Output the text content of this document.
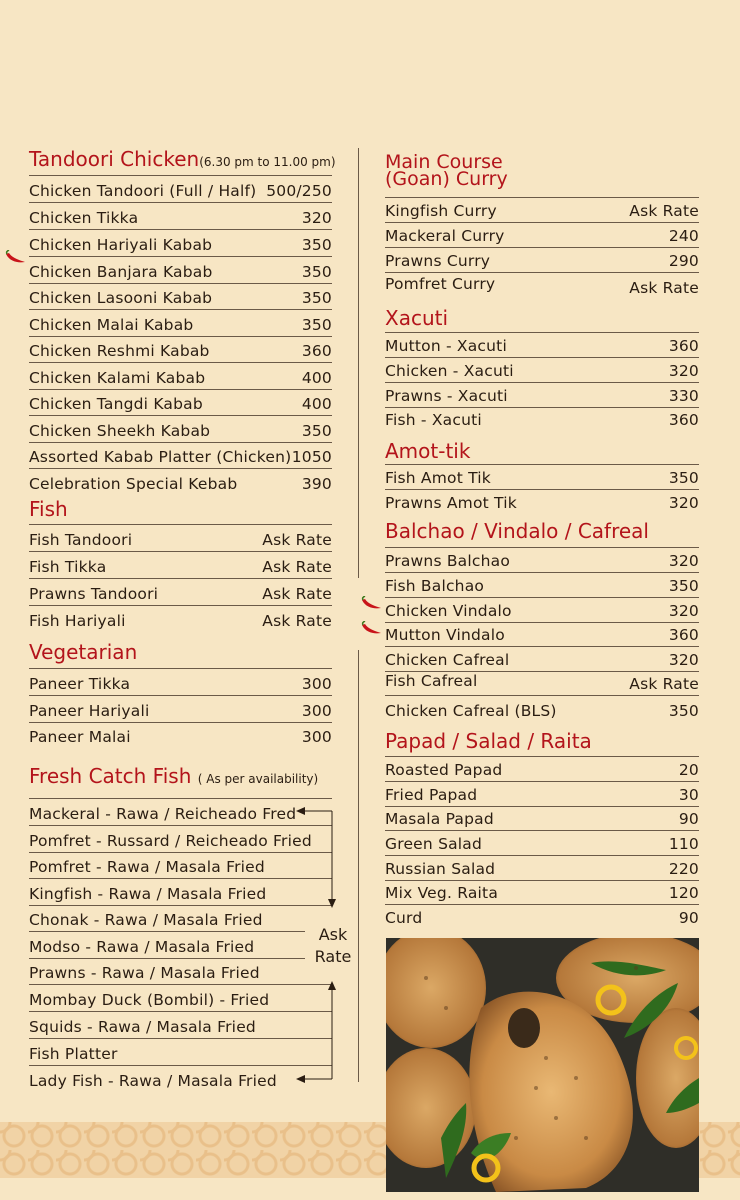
Tandoori Chicken(6.30 pm to 11.00 pm)
Chicken Tandoori (Full / Half) 500/250
Chicken Tikka	320
Chicken Hariyali Kabab	350
Chicken Banjara Kabab	350
Chicken Lasooni Kabab	350
Chicken Malai Kabab	350
Chicken Reshmi Kabab	360
Chicken Kalami Kabab	400
Chicken Tangdi Kabab	400
Chicken Sheekh Kabab	350
Assorted Kabab Platter (Chicken) 1050
Celebration Special Kebab	390
Fish
Fish Tandoori	Ask Rate
Fish Tikka	Ask Rate
Prawns Tandoori	Ask Rate
Fish Hariyali	Ask Rate
Vegetarian
Paneer Tikka	300
Paneer Hariyali	300
Paneer Malai	300
Fresh Catch Fish ( As per availability)
Mackeral - Rawa / Reicheado Fred
Pomfret - Russard / Reicheado Fried
Pomfret - Rawa / Masala Fried
Kingfish - Rawa / Masala Fried
Chonak - Rawa / Masala Fried
Modso - Rawa / Masala Fried
Prawns - Rawa / Masala Fried
Mombay Duck (Bombil) - Fried
Squids - Rawa / Masala Fried
Fish Platter
Lady Fish - Rawa / Masala Fried
Ask Rate
Main Course
(Goan) Curry
Kingfish Curry	Ask Rate
Mackeral Curry	240
Prawns Curry	290
Pomfret Curry	Ask Rate
Xacuti
Mutton - Xacuti	360
Chicken - Xacuti	320
Prawns - Xacuti	330
Fish - Xacuti	360
Amot-tik
Fish Amot Tik	350
Prawns Amot Tik	320
Balchao / Vindalo / Cafreal
Prawns Balchao	320
Fish Balchao	350
Chicken Vindalo	320
Mutton Vindalo	360
Chicken Cafreal	320
Fish Cafreal	Ask Rate
Chicken Cafreal (BLS)	350
Papad / Salad / Raita
Roasted Papad	20
Fried Papad	30
Masala Papad	90
Green Salad	110
Russian Salad	220
Mix Veg. Raita	120
Curd	90
